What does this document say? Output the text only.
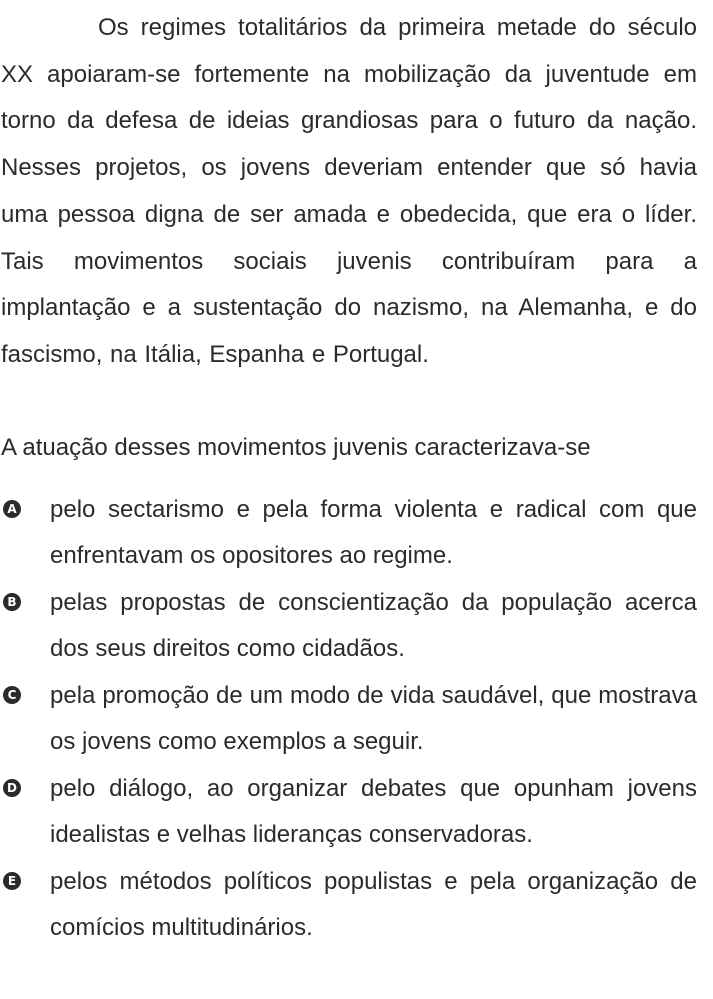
Os regimes totalitários da primeira metade do século XX apoiaram-se fortemente na mobilização da juventude em torno da defesa de ideias grandiosas para o futuro da nação. Nesses projetos, os jovens deveriam entender que só havia uma pessoa digna de ser amada e obedecida, que era o líder. Tais movimentos sociais juvenis contribuíram para a implantação e a sustentação do nazismo, na Alemanha, e do fascismo, na Itália, Espanha e Portugal.

A atuação desses movimentos juvenis caracterizava-se

A pelo sectarismo e pela forma violenta e radical com que enfrentavam os opositores ao regime.
B pelas propostas de conscientização da população acerca dos seus direitos como cidadãos.
C pela promoção de um modo de vida saudável, que mostrava os jovens como exemplos a seguir.
D pelo diálogo, ao organizar debates que opunham jovens idealistas e velhas lideranças conservadoras.
E pelos métodos políticos populistas e pela organização de comícios multitudinários.
